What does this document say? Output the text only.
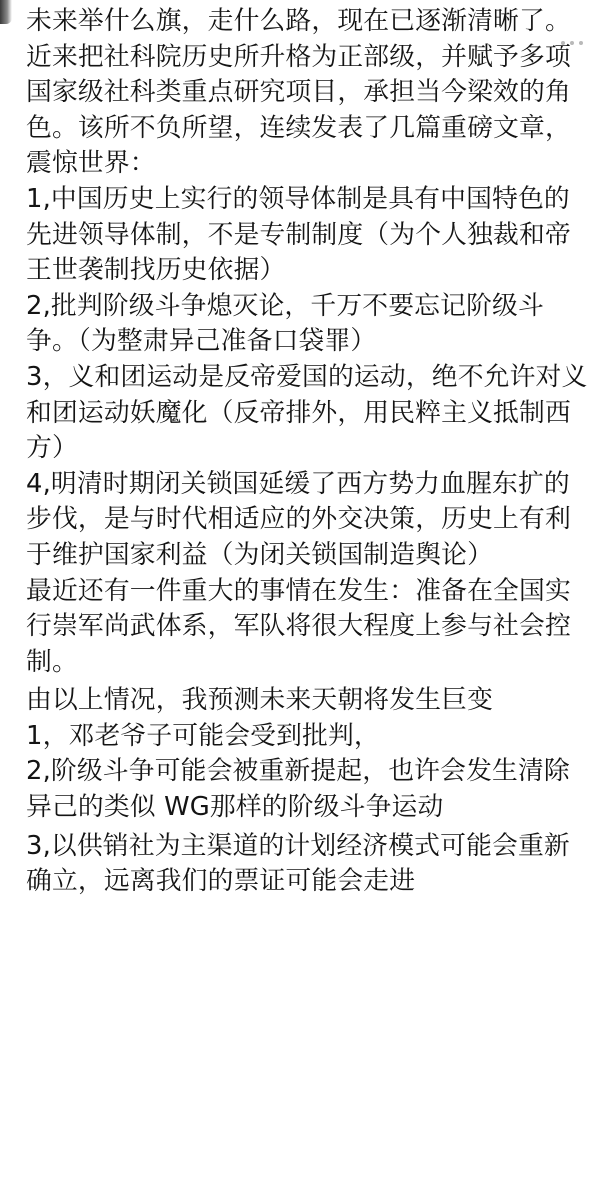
未来举什么旗，走什么路，现在已逐渐清晰了。近来把社科院历史所升格为正部级，并赋予多项国家级社科类重点研究项目，承担当今梁效的角色。该所不负所望，连续发表了几篇重磅文章，震惊世界：

1,中国历史上实行的领导体制是具有中国特色的先进领导体制，不是专制制度（为个人独裁和帝王世袭制找历史依据）

2,批判阶级斗争熄灭论，千万不要忘记阶级斗争。（为整肃异己准备口袋罪）

3，义和团运动是反帝爱国的运动，绝不允许对义和团运动妖魔化（反帝排外，用民粹主义抵制西方）

4,明清时期闭关锁国延缓了西方势力血腥东扩的步伐，是与时代相适应的外交决策，历史上有利于维护国家利益（为闭关锁国制造舆论）

最近还有一件重大的事情在发生：准备在全国实行崇军尚武体系，军队将很大程度上参与社会控制。

由以上情况，我预测未来天朝将发生巨变

1，邓老爷子可能会受到批判，

2,阶级斗争可能会被重新提起，也许会发生清除异己的类似 WG那样的阶级斗争运动

3,以供销社为主渠道的计划经济模式可能会重新确立，远离我们的票证可能会走进
